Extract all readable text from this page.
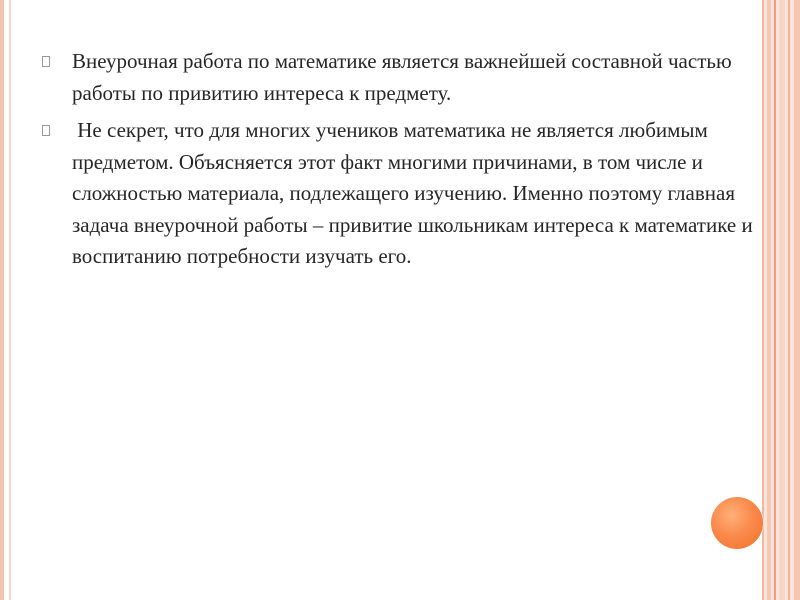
Внеурочная работа по математике является важнейшей составной частью работы по привитию интереса к предмету.
Не секрет, что для многих учеников математика не является любимым предметом. Объясняется этот факт многими причинами, в том числе и сложностью материала, подлежащего изучению. Именно поэтому главная задача внеурочной работы – привитие школьникам интереса к математике и воспитанию потребности изучать его.
